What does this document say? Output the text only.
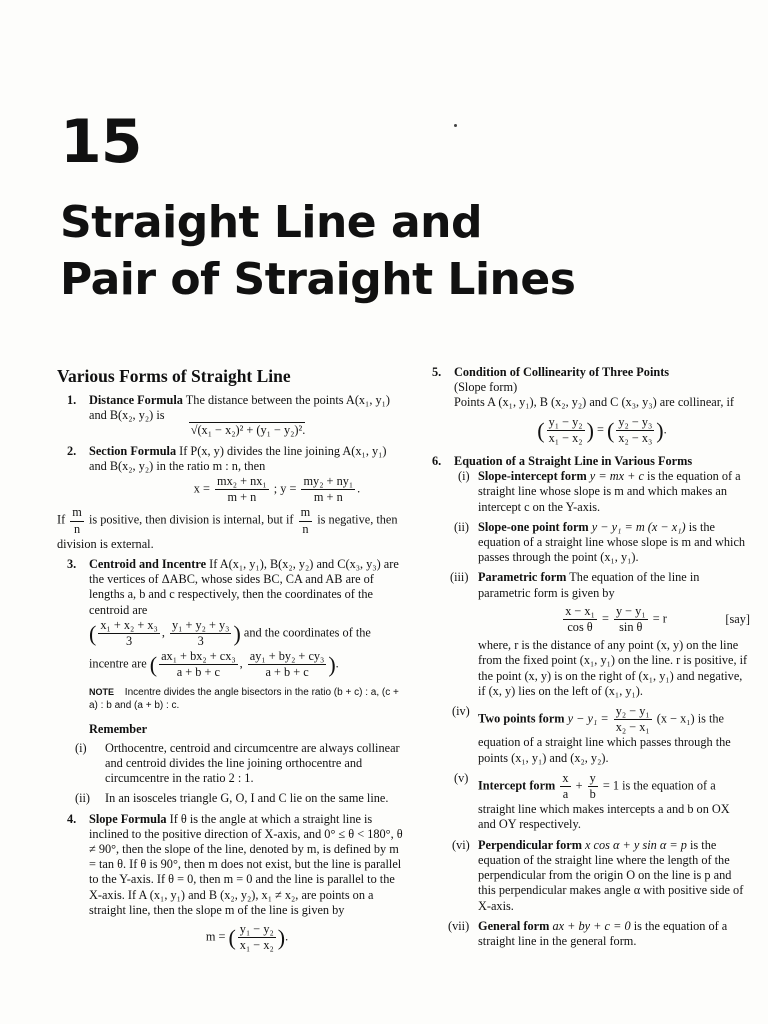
15
Straight Line and
Pair of Straight Lines
Various Forms of Straight Line
1. Distance Formula The distance between the points A(x₁, y₁) and B(x₂, y₂) is
√(x₁ − x₂)² + (y₁ − y₂)².
2. Section Formula If P(x, y) divides the line joining A(x₁, y₁) and B(x₂, y₂) in the ratio m : n, then
$x = \frac{\text{mx₂ + nx₁}}{m + n}$ ; $y = \frac{\text{my₂ + ny₁}}{m + n}$ .
If $\frac{m}{n}$ is positive, then division is internal, but if $\frac{m}{n}$ is negative, then division is external.
3. Centroid and Incentre If A(x₁, y₁), B(x₂, y₂) and C(x₃, y₃) are the vertices of ΔABC, whose sides BC, CA and AB are of lengths a, b and c respectively, then the coordinates of the centroid are
( $\frac{\text{x₁ + x₂ + x₃}}{3}$ , $\frac{\text{y₁ + y₂ + y₃}}{3}$ ) and the coordinates of the
incentre are ( $\frac{\text{ax₁ + bx₂ + cx₃}}{a + b + c}$ , $\frac{\text{ay₁ + by₂ + cy₃}}{a + b + c}$ ).
NOTE Incentre divides the angle bisectors in the ratio (b + c) : a, (c + a) : b and (a + b) : c.
Remember
(i) Orthocentre, centroid and circumcentre are always collinear and centroid divides the line joining orthocentre and circumcentre in the ratio 2 : 1.
(ii) In an isosceles triangle G, O, I and C lie on the same line.
4. Slope Formula If θ is the angle at which a straight line is inclined to the positive direction of X-axis, and 0° ≤ θ < 180°, θ ≠ 90°, then the slope of the line, denoted by m, is defined by m = tan θ. If θ is 90°, then m does not exist, but the line is parallel to the Y-axis. If θ = 0, then m = 0 and the line is parallel to the X-axis. If A (x₁, y₁) and B (x₂, y₂), x₁ ≠ x₂, are points on a straight line, then the slope m of the line is given by
m = ( $\frac{\text{y₁ − y₂}}{\text{x₁ − x₂}}$ ).
5. Condition of Collinearity of Three Points
(Slope form)
Points A (x₁, y₁), B (x₂, y₂) and C (x₃, y₃) are collinear, if
( $\frac{\text{y₁ − y₂}}{\text{x₁ − x₂}}$ ) = ( $\frac{\text{y₂ − y₃}}{\text{x₂ − x₃}}$ ).
6. Equation of a Straight Line in Various Forms
(i) Slope-intercept form y = mx + c is the equation of a straight line whose slope is m and which makes an intercept c on the Y-axis.
(ii) Slope-one point form y − y₁ = m (x − x₁) is the equation of a straight line whose slope is m and which passes through the point (x₁, y₁).
(iii) Parametric form The equation of the line in parametric form is given by
$\frac{\text{x − x₁}}{\text{cos θ}} = \frac{\text{y − y₁}}{\text{sin θ}} = r$	[say]
where, r is the distance of any point (x, y) on the line from the fixed point (x₁, y₁) on the line. r is positive, if the point (x, y) is on the right of (x₁, y₁) and negative, if (x, y) lies on the left of (x₁, y₁).
(iv)
Two points form $y - y_1 = \frac{\text{y₂ − y₁}}{\text{x₂ − x₁}} (x - x_1)$ is the equation of a straight line which passes through the points (x₁, y₁) and (x₂, y₂).
(v)
Intercept form $\frac{x}{a} + \frac{y}{b} = 1$ is the equation of a straight line which makes intercepts a and b on OX and OY respectively.
(vi) Perpendicular form x cos α + y sin α = p is the equation of the straight line where the length of the perpendicular from the origin O on the line is p and this perpendicular makes angle α with positive side of X-axis.
(vii) General form ax + by + c = 0 is the equation of a straight line in the general form.
